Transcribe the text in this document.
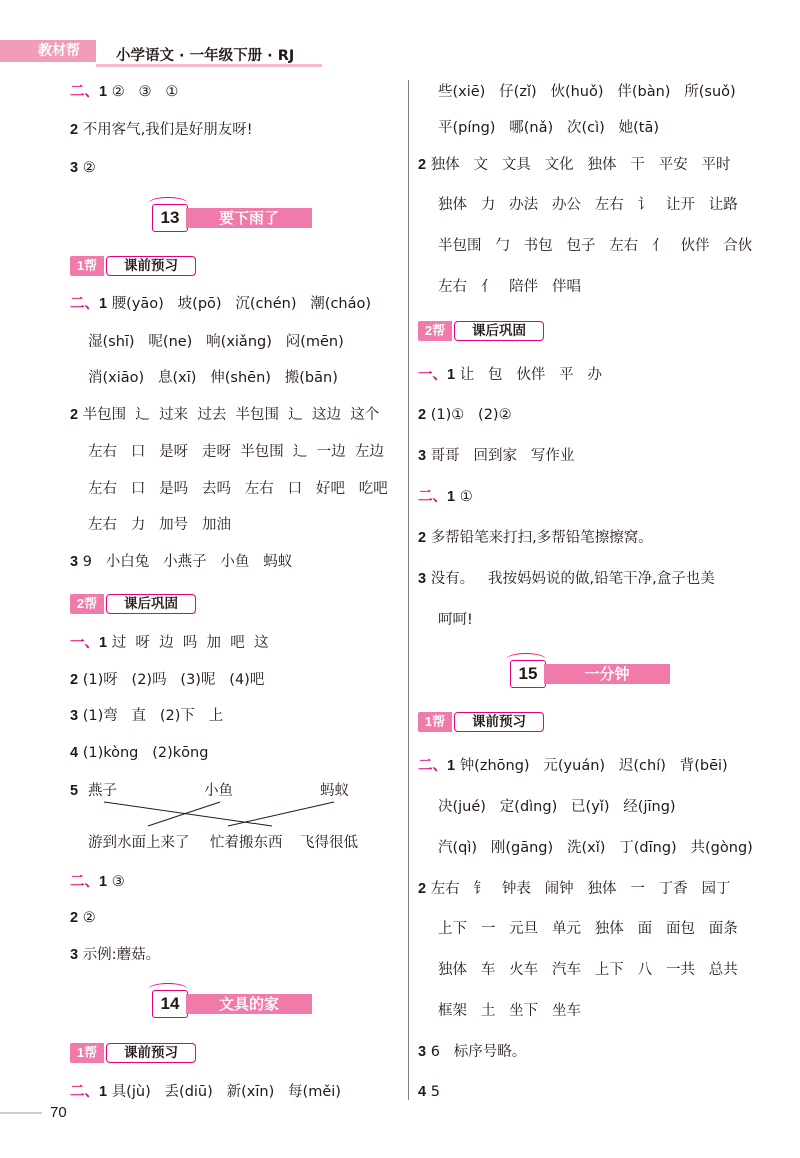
教材帮	小学语文 · 一年级下册 · RJ
二、1 ②   ③   ①
2 不用客气,我们是好朋友呀!
3 ②
13	要下雨了
1帮	课前预习
二、1 腰(yāo)   坡(pō)   沉(chén)   潮(cháo)
湿(shī)   呢(ne)   响(xiǎng)   闷(mēn)
消(xiāo)   息(xī)   伸(shēn)   搬(bān)
2 半包围  ⻌  过来  过去  半包围  ⻌  这边  这个
左右   口   是呀   走呀  半包围  ⻌  一边  左边
左右   口   是吗   去吗   左右   口   好吧   吃吧
左右   力   加号   加油
3 9   小白兔   小燕子   小鱼   蚂蚁
2帮	课后巩固
一、1 过  呀  边  吗  加  吧  这
2 (1)呀   (2)吗   (3)呢   (4)吧
3 (1)弯   直   (2)下   上
4 (1)kòng   (2)kōng
5 燕子	小鱼	蚂蚁
游到水面上来了 忙着搬东西 飞得很低
二、1 ③
2 ②
3 示例:蘑菇。
14	文具的家
1帮	课前预习
二、1 具(jù)   丢(diū)   新(xīn)   每(měi)
些(xiē)   仔(zǐ)   伙(huǒ)   伴(bàn)   所(suǒ)
平(píng)   哪(nǎ)   次(cì)   她(tā)
2 独体   文   文具   文化   独体   干   平安   平时
独体   力   办法   办公   左右   讠   让开   让路
半包围   勹   书包   包子   左右   亻   伙伴   合伙
左右   亻   陪伴   伴唱
2帮	课后巩固
一、1 让   包   伙伴   平   办
2 (1)①   (2)②
3 哥哥   回到家   写作业
二、1 ①
2 多帮铅笔来打扫,多帮铅笔擦擦窝。
3 没有。   我按妈妈说的做,铅笔干净,盒子也美
呵呵!
15	一分钟
1帮	课前预习
二、1 钟(zhōng)   元(yuán)   迟(chí)   背(bēi)
决(jué)   定(dìng)   已(yǐ)   经(jīng)
汽(qì)   刚(gāng)   洗(xǐ)   丁(dīng)   共(gòng)
2 左右   钅   钟表   闹钟   独体   一   丁香   园丁
上下   一   元旦   单元   独体   面   面包   面条
独体   车   火车   汽车   上下   八   一共   总共
框架   土   坐下   坐车
3 6   标序号略。
4 5
70
